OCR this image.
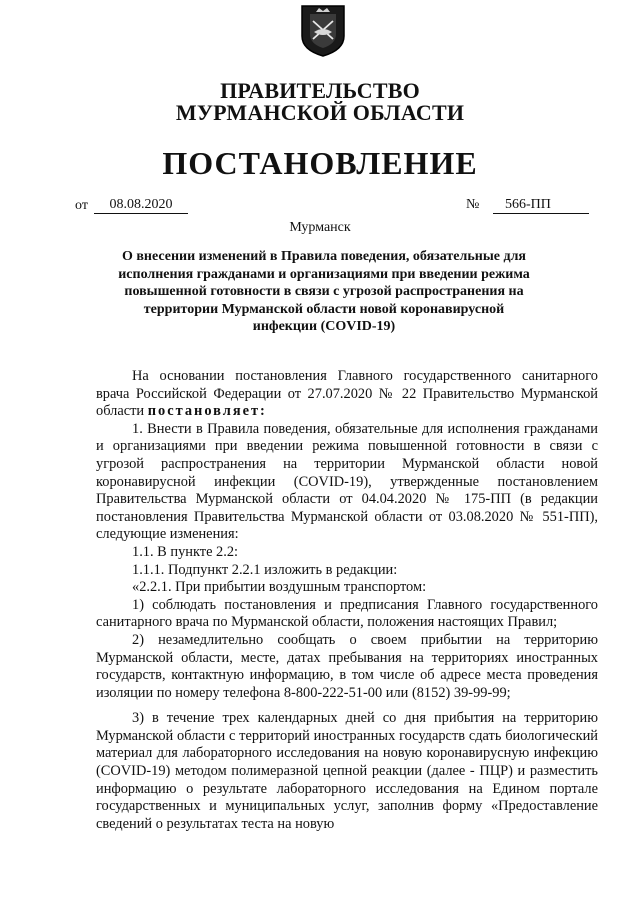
ПРАВИТЕЛЬСТВО
МУРМАНСКОЙ ОБЛАСТИ
ПОСТАНОВЛЕНИЕ
от	08.08.2020	№	566-ПП
Мурманск
О внесении изменений в Правила поведения, обязательные для исполнения гражданами и организациями при введении режима повышенной готовности в связи с угрозой распространения на территории Мурманской области новой коронавирусной инфекции (COVID-19)

На основании постановления Главного государственного санитарного врача Российской Федерации от 27.07.2020 № 22 Правительство Мурманской области постановляет:

1. Внести в Правила поведения, обязательные для исполнения гражданами и организациями при введении режима повышенной готовности в связи с угрозой распространения на территории Мурманской области новой коронавирусной инфекции (COVID-19), утвержденные постановлением Правительства Мурманской области от 04.04.2020 № 175-ПП (в редакции постановления Правительства Мурманской области от 03.08.2020 № 551-ПП), следующие изменения:

1.1. В пункте 2.2:

1.1.1. Подпункт 2.2.1 изложить в редакции:

«2.2.1. При прибытии воздушным транспортом:

1) соблюдать постановления и предписания Главного государственного санитарного врача по Мурманской области, положения настоящих Правил;

2) незамедлительно сообщать о своем прибытии на территорию Мурманской области, месте, датах пребывания на территориях иностранных государств, контактную информацию, в том числе об адресе места проведения изоляции по номеру телефона 8-800-222-51-00 или (8152) 39-99-99;

3) в течение трех календарных дней со дня прибытия на территорию Мурманской области с территорий иностранных государств сдать биологический материал для лабораторного исследования на новую коронавирусную инфекцию (COVID-19) методом полимеразной цепной реакции (далее - ПЦР) и разместить информацию о результате лабораторного исследования на Едином портале государственных и муниципальных услуг, заполнив форму «Предоставление сведений о результатах теста на новую
